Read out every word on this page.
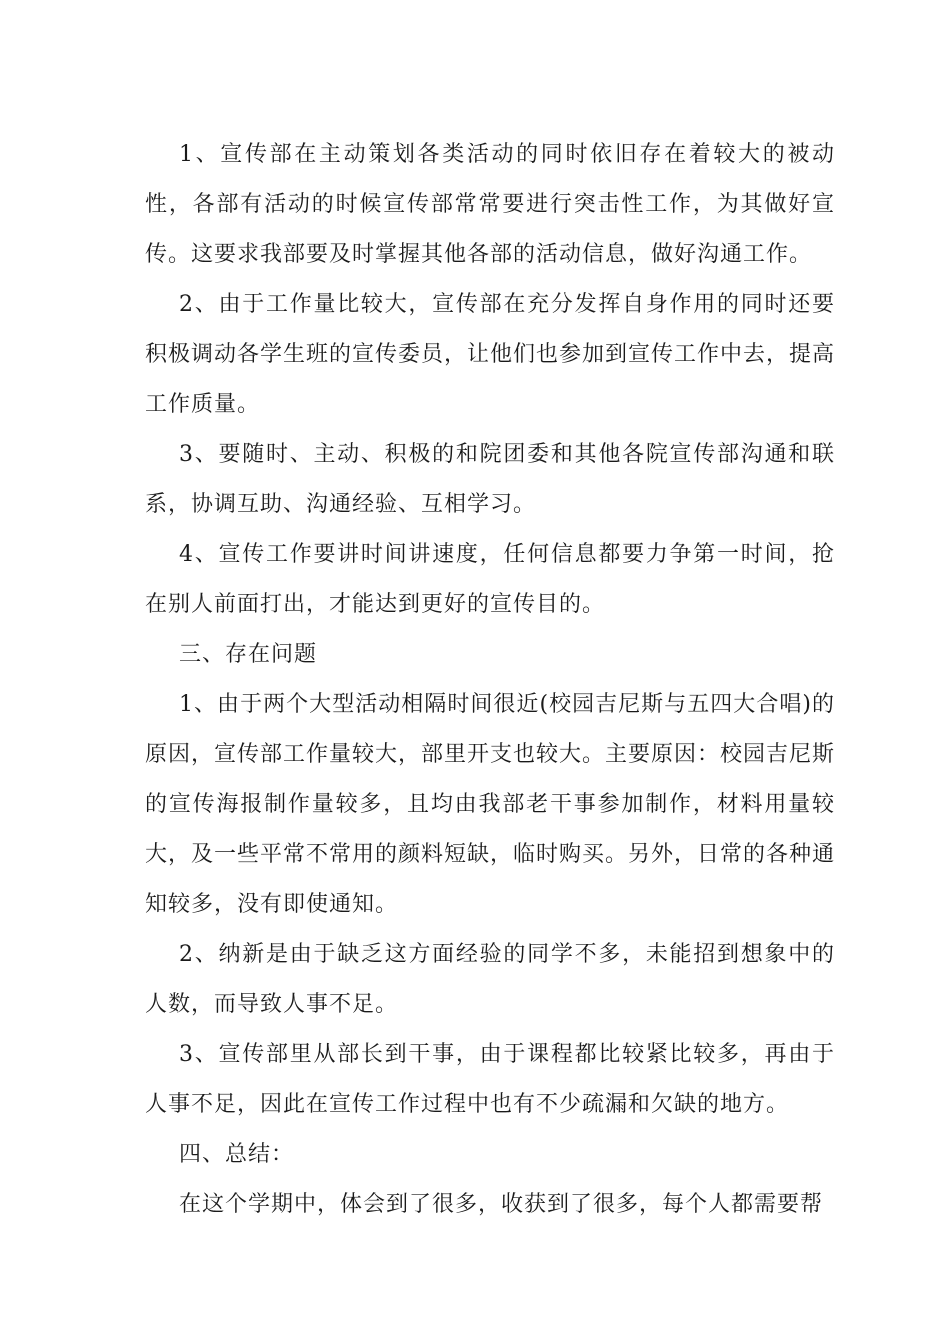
1、宣传部在主动策划各类活动的同时依旧存在着较大的被动性，各部有活动的时候宣传部常常要进行突击性工作，为其做好宣传。这要求我部要及时掌握其他各部的活动信息，做好沟通工作。

2、由于工作量比较大，宣传部在充分发挥自身作用的同时还要积极调动各学生班的宣传委员，让他们也参加到宣传工作中去，提高工作质量。

3、要随时、主动、积极的和院团委和其他各院宣传部沟通和联系，协调互助、沟通经验、互相学习。

4、宣传工作要讲时间讲速度，任何信息都要力争第一时间，抢在别人前面打出，才能达到更好的宣传目的。

三、存在问题

1、由于两个大型活动相隔时间很近(校园吉尼斯与五四大合唱)的原因，宣传部工作量较大，部里开支也较大。主要原因：校园吉尼斯的宣传海报制作量较多，且均由我部老干事参加制作，材料用量较大，及一些平常不常用的颜料短缺，临时购买。另外，日常的各种通知较多，没有即使通知。

2、纳新是由于缺乏这方面经验的同学不多，未能招到想象中的人数，而导致人事不足。

3、宣传部里从部长到干事，由于课程都比较紧比较多，再由于人事不足，因此在宣传工作过程中也有不少疏漏和欠缺的地方。

四、总结：

在这个学期中，体会到了很多，收获到了很多，每个人都需要帮
